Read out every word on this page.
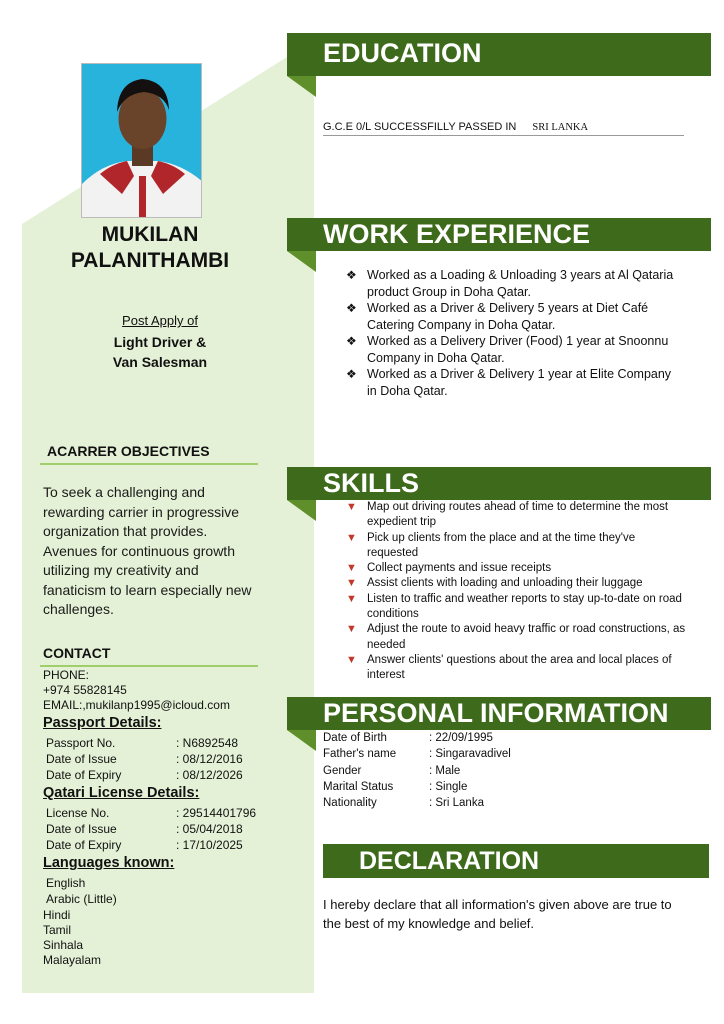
MUKILAN
PALANITHAMBI
Post Apply of
Light Driver &
Van Salesman
ACARRER OBJECTIVES
To seek a challenging and rewarding carrier in progressive organization that provides. Avenues for continuous growth utilizing my creativity and fanaticism to learn especially new challenges.
CONTACT
PHONE:
+974 55828145
EMAIL:,mukilanp1995@icloud.com
Passport Details:
Passport No.	: N6892548
Date of Issue	: 08/12/2016
Date of Expiry	: 08/12/2026
Qatari License Details:
License No.	: 29514401796
Date of Issue	: 05/04/2018
Date of Expiry	: 17/10/2025
Languages known:
English
Arabic (Little)
Hindi
Tamil
Sinhala
Malayalam
EDUCATION
G.C.E 0/L SUCCESSFILLY PASSED IN SRI LANKA
WORK EXPERIENCE
❖ Worked as a Loading & Unloading 3 years at Al Qataria product Group in Doha Qatar.
❖ Worked as a Driver & Delivery 5 years at Diet Café Catering Company in Doha Qatar.
❖ Worked as a Delivery Driver (Food) 1 year at Snoonnu Company in Doha Qatar.
❖ Worked as a Driver & Delivery 1 year at Elite Company in Doha Qatar.
SKILLS
▼ Map out driving routes ahead of time to determine the most expedient trip
▼ Pick up clients from the place and at the time they've requested
▼ Collect payments and issue receipts
▼ Assist clients with loading and unloading their luggage
▼ Listen to traffic and weather reports to stay up-to-date on road conditions
▼ Adjust the route to avoid heavy traffic or road constructions, as needed
▼ Answer clients' questions about the area and local places of interest
PERSONAL INFORMATION
Date of Birth	: 22/09/1995
Father's name	: Singaravadivel
Gender	: Male
Marital Status	: Single
Nationality	: Sri Lanka
DECLARATION
I hereby declare that all information's given above are true to the best of my knowledge and belief.
